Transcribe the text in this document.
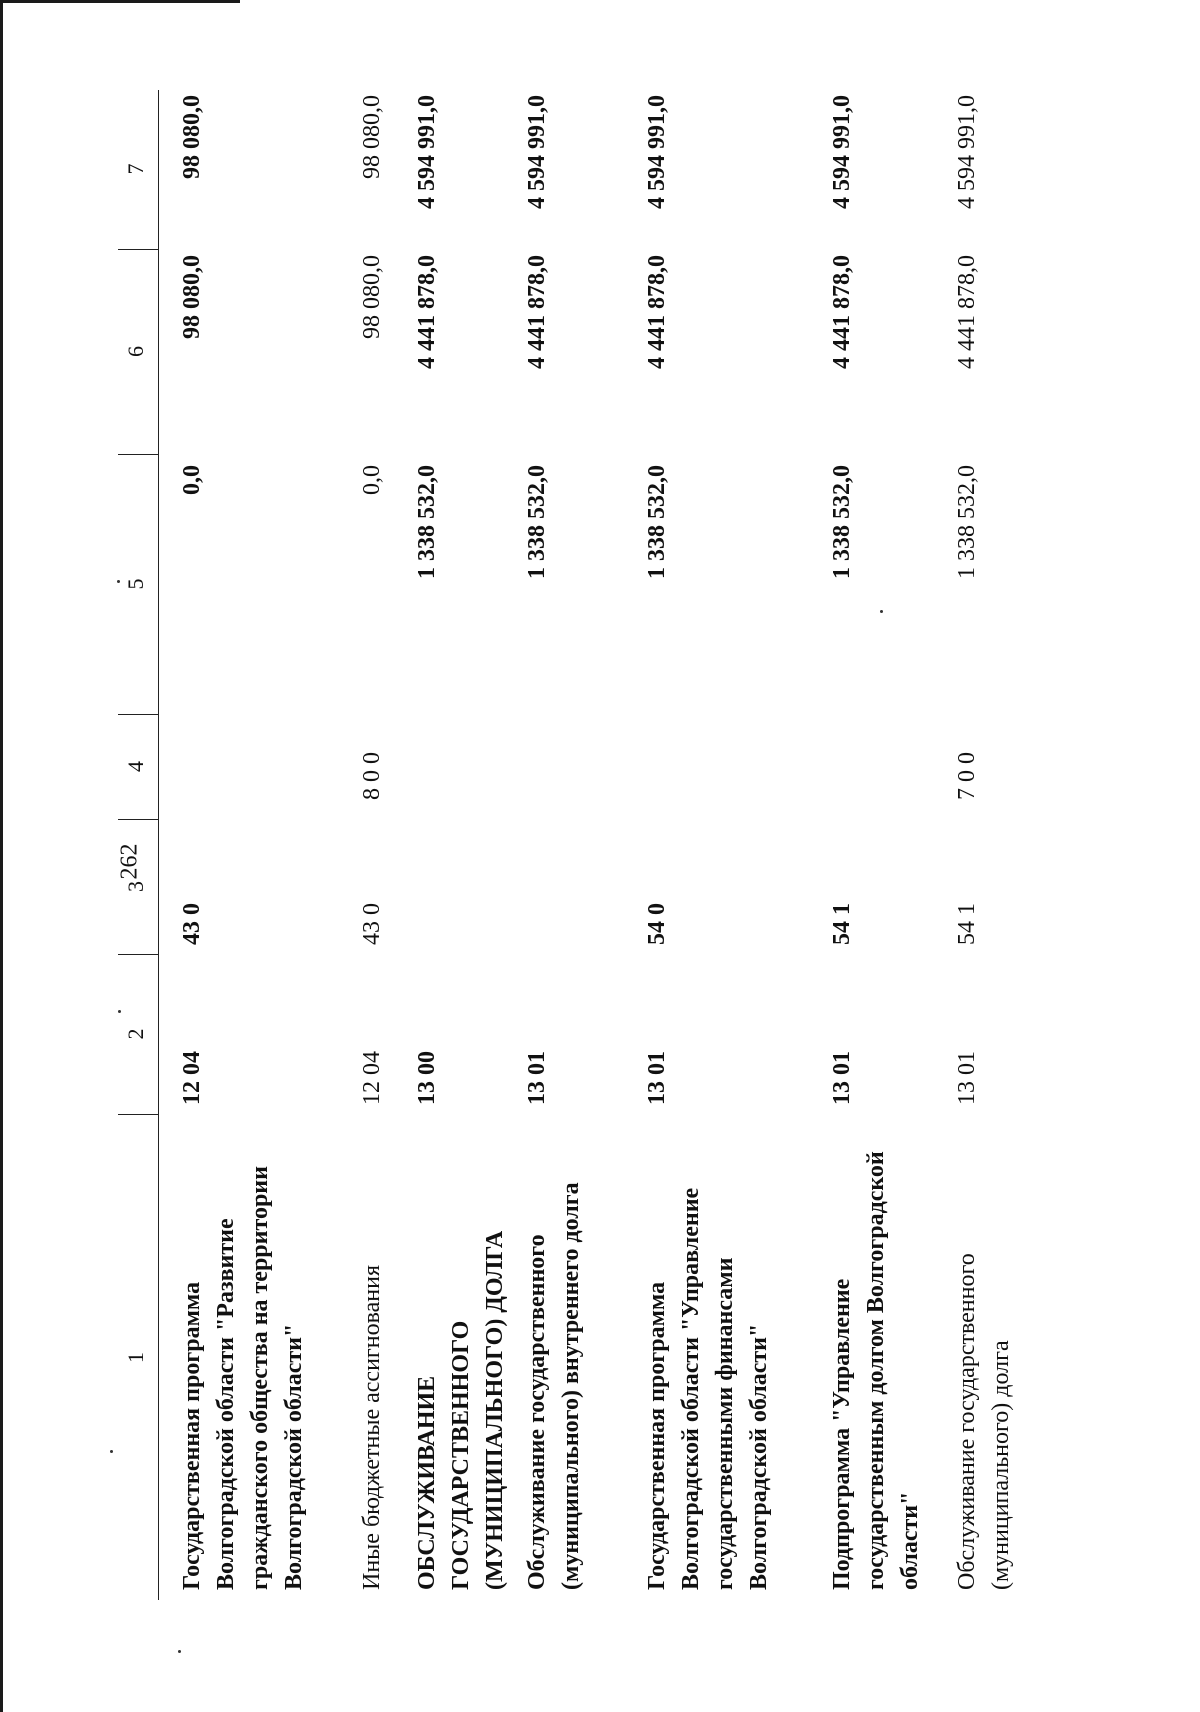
262
1
2
3
4
5
6
7
Государственная программа Волгоградской области "Развитие гражданского общества на территории Волгоградской области"
12 04
43 0
0,0
98 080,0
98 080,0
Иные бюджетные ассигнования
12 04
43 0
8 0 0
0,0
98 080,0
98 080,0
ОБСЛУЖИВАНИЕ ГОСУДАРСТВЕННОГО (МУНИЦИПАЛЬНОГО) ДОЛГА
13 00
1 338 532,0
4 441 878,0
4 594 991,0
Обслуживание государственного (муниципального) внутреннего долга
13 01
1 338 532,0
4 441 878,0
4 594 991,0
Государственная программа Волгоградской области "Управление государственными финансами Волгоградской области"
13 01
54 0
1 338 532,0
4 441 878,0
4 594 991,0
Подпрограмма "Управление государственным долгом Волгоградской области"
13 01
54 1
1 338 532,0
4 441 878,0
4 594 991,0
Обслуживание государственного (муниципального) долга
13 01
54 1
7 0 0
1 338 532,0
4 441 878,0
4 594 991,0
